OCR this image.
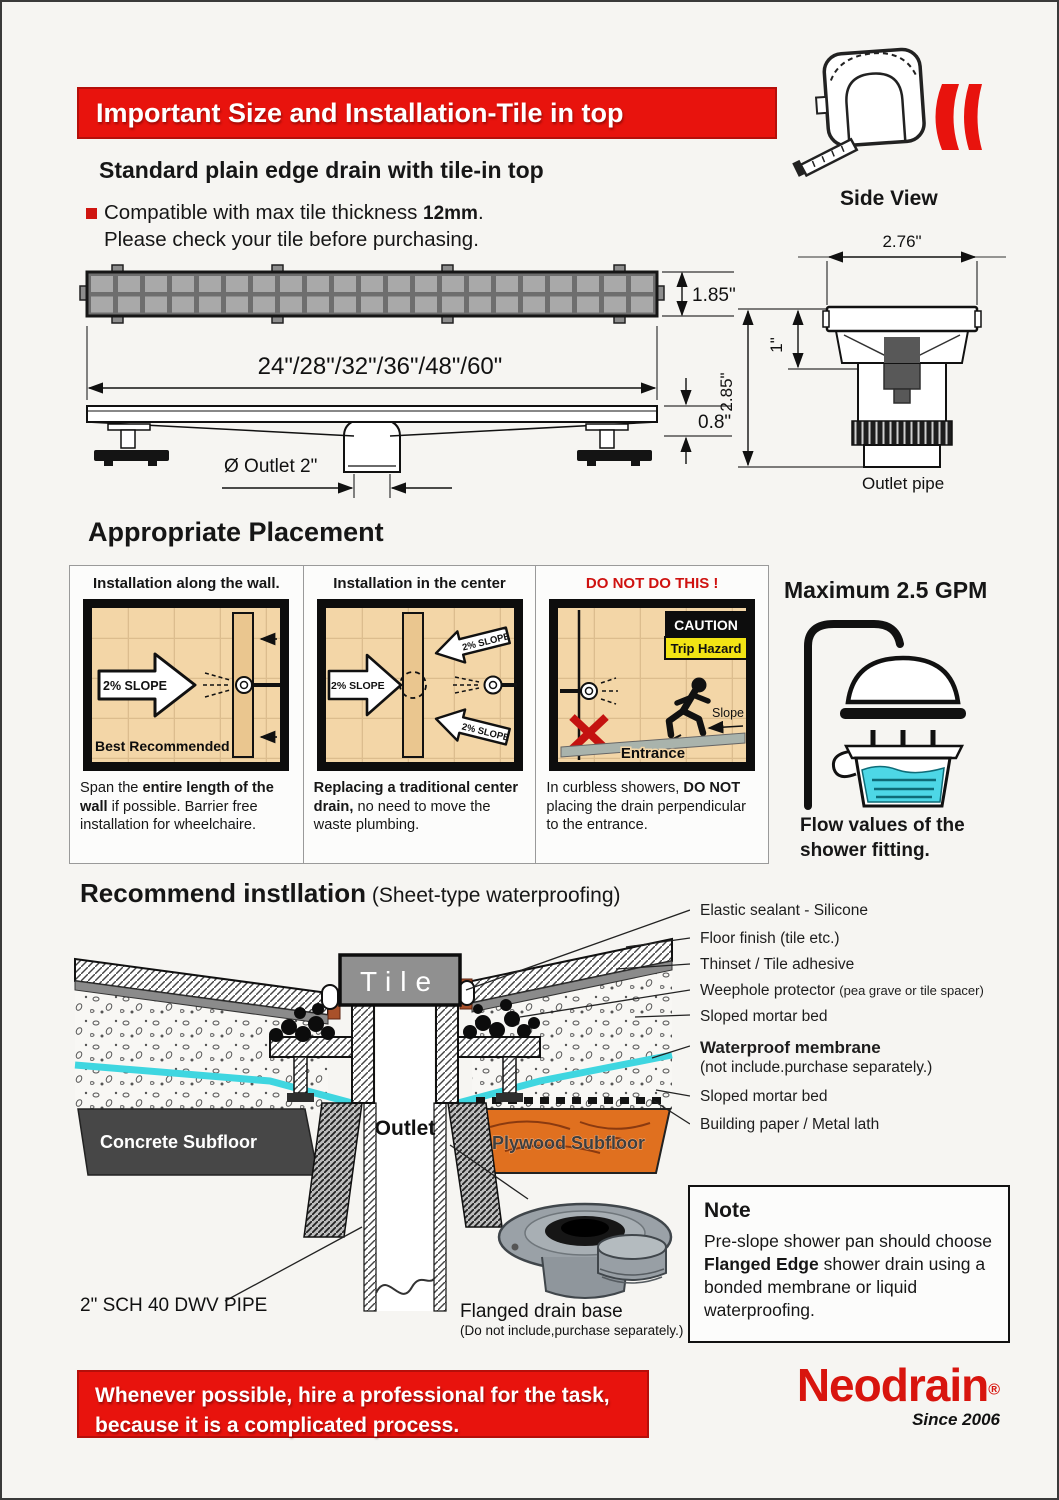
Important Size and Installation-Tile in top
Standard plain edge drain with tile-in top
Compatible with max tile thickness 12mm.
Please check your tile before purchasing.
Side View
1.85"
24"/28"/32"/36"/48"/60"
0.8"
Ø Outlet 2"
2.76"
2.85"
1"
Outlet pipe
Appropriate Placement
Installation along the wall.
2% SLOPE
Best Recommended
Span the entire length of the wall if possible. Barrier free installation for wheelchaire.
Installation in the center
2% SLOPE
2% SLOPE
2% SLOPE
Replacing a traditional center drain, no need to move the waste plumbing.
DO NOT DO THIS !
CAUTION
Trip Hazard
Slope
Entrance
In curbless showers, DO NOT placing the drain perpendicular to the entrance.
Maximum 2.5 GPM
Flow values of the shower fitting.
Recommend instllation (Sheet-type waterproofing)
Tile
Concrete Subfloor
Outlet
Plywood Subfloor
2" SCH 40 DWV PIPE	Flanged drain base
(Do not include,purchase separately.)
Elastic sealant - Silicone
Floor finish (tile etc.)
Thinset / Tile adhesive
Weephole protector (pea grave or tile spacer)
Sloped mortar bed
Waterproof membrane
(not include.purchase separately.)
Sloped mortar bed
Building paper / Metal lath
Note
Pre-slope shower pan should choose Flanged Edge shower drain using a bonded membrane or liquid waterproofing.
Whenever possible, hire a professional for the task,
because it is a complicated process.
Neodrain®
Since 2006
